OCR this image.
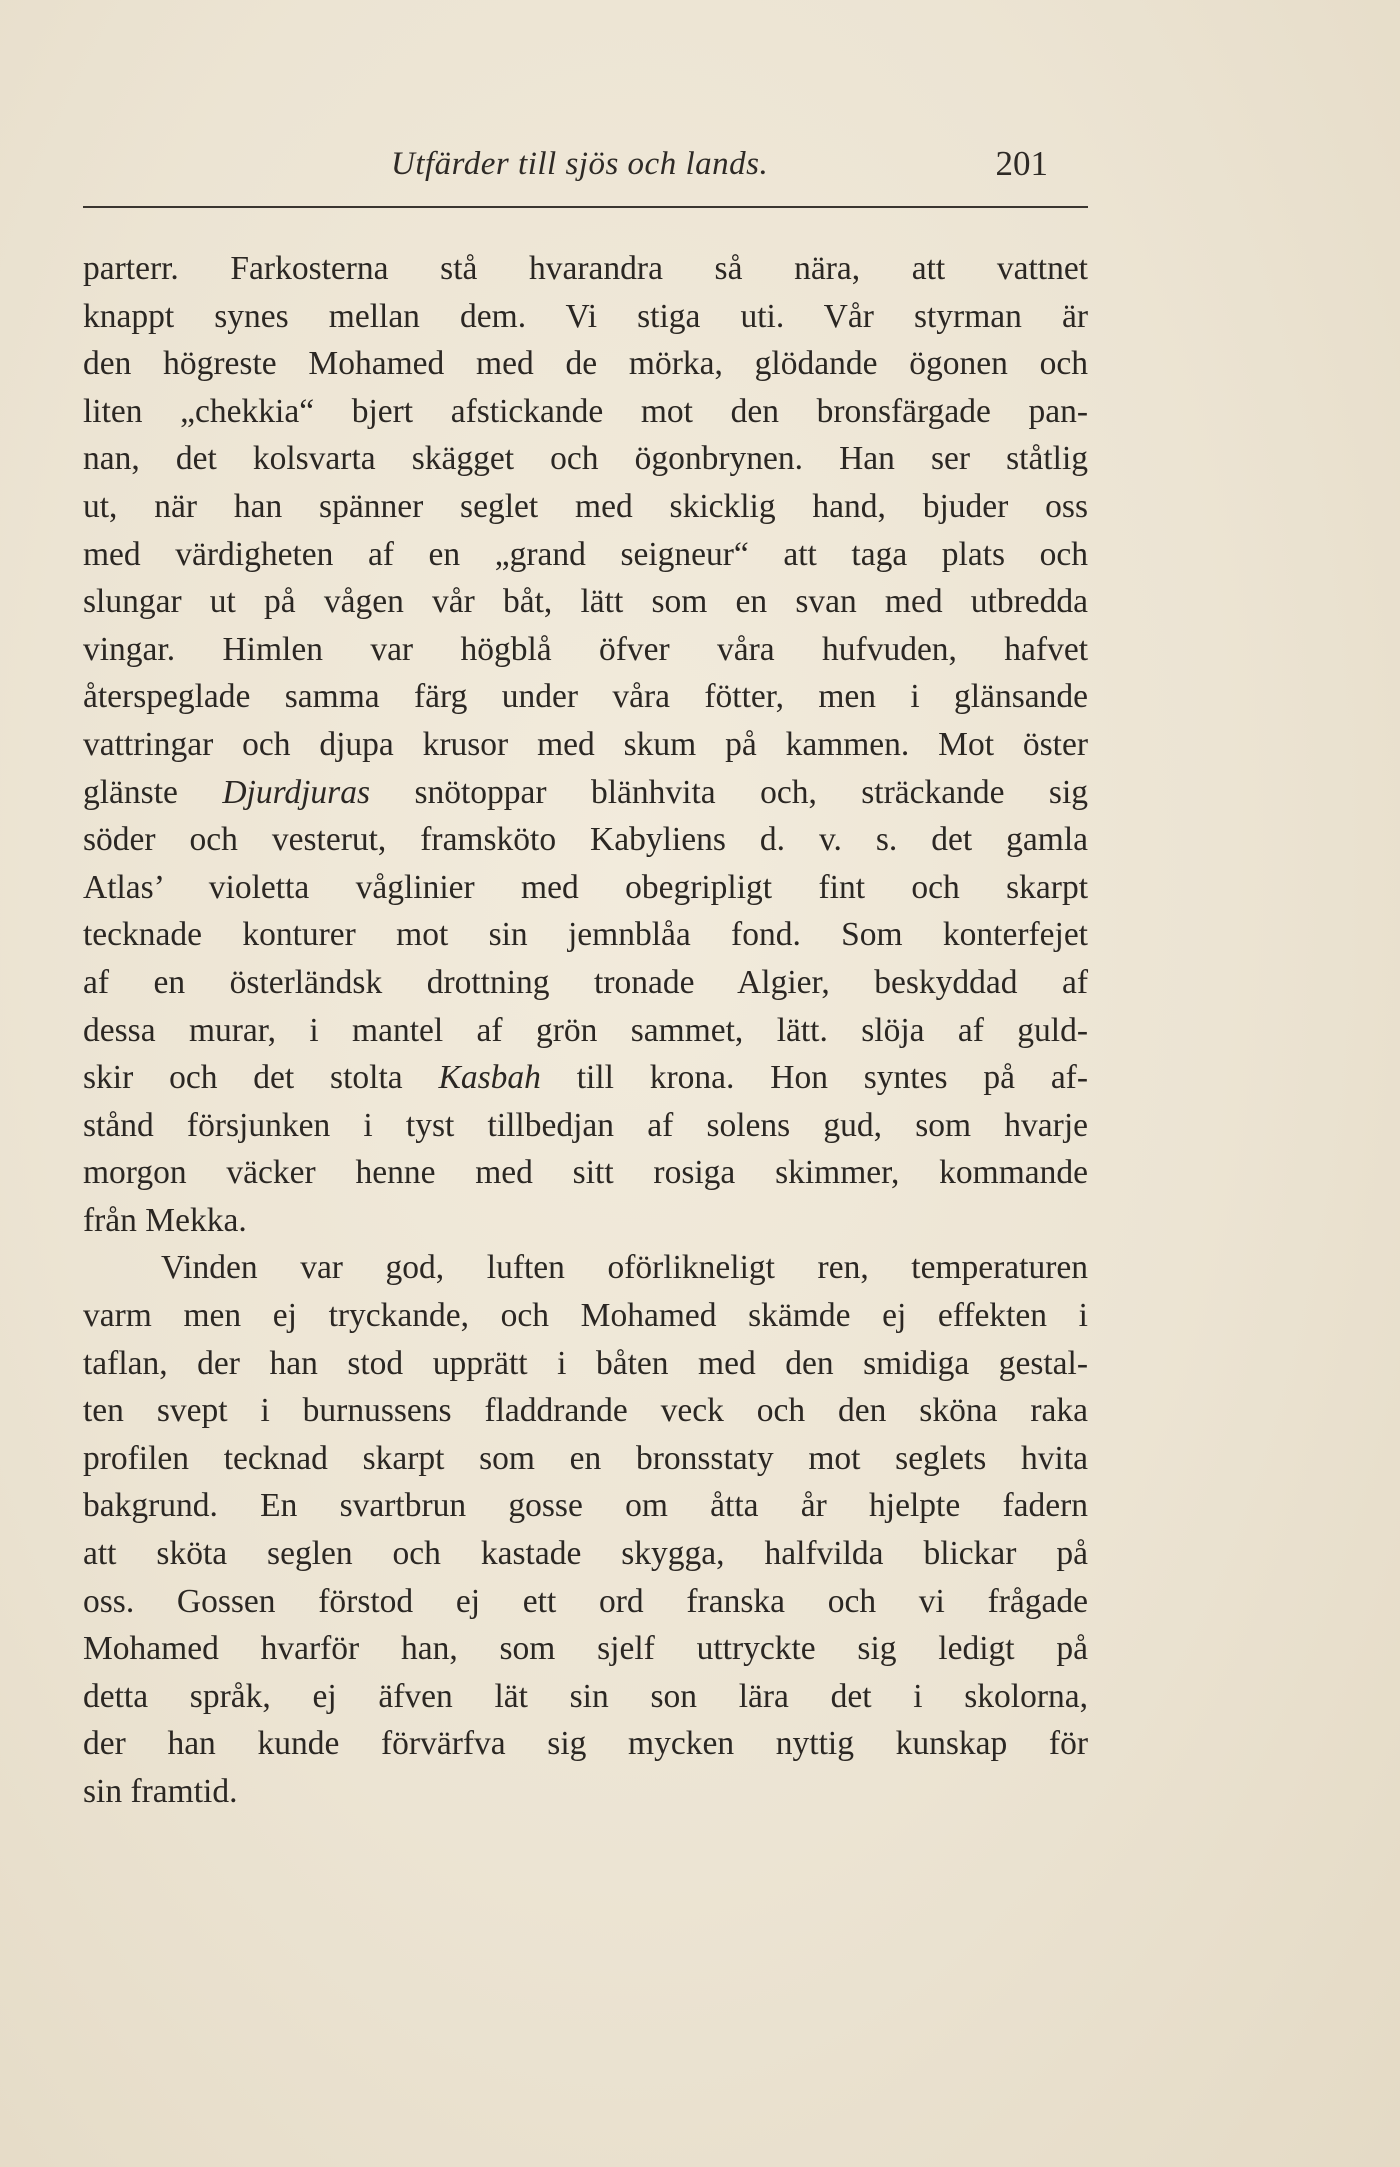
Utfärder till sjös och lands.	201
parterr. Farkosterna stå hvarandra så nära, att vattnet
knappt synes mellan dem. Vi stiga uti. Vår styrman är
den högreste Mohamed med de mörka, glödande ögonen och
liten „chekkia“ bjert afstickande mot den bronsfärgade pan-
nan, det kolsvarta skägget och ögonbrynen. Han ser ståtlig
ut, när han spänner seglet med skicklig hand, bjuder oss
med värdigheten af en „grand seigneur“ att taga plats och
slungar ut på vågen vår båt, lätt som en svan med utbredda
vingar. Himlen var högblå öfver våra hufvuden, hafvet
återspeglade samma färg under våra fötter, men i glänsande
vattringar och djupa krusor med skum på kammen. Mot öster
glänste Djurdjuras snötoppar blänhvita och, sträckande sig
söder och vesterut, framsköto Kabyliens d. v. s. det gamla
Atlas’ violetta våglinier med obegripligt fint och skarpt
tecknade konturer mot sin jemnblåa fond. Som konterfejet
af en österländsk drottning tronade Algier, beskyddad af
dessa murar, i mantel af grön sammet, lätt. slöja af guld-
skir och det stolta Kasbah till krona. Hon syntes på af-
stånd försjunken i tyst tillbedjan af solens gud, som hvarje
morgon väcker henne med sitt rosiga skimmer, kommande
från Mekka.
Vinden var god, luften oförlikneligt ren, temperaturen
varm men ej tryckande, och Mohamed skämde ej effekten i
taflan, der han stod upprätt i båten med den smidiga gestal-
ten svept i burnussens fladdrande veck och den sköna raka
profilen tecknad skarpt som en bronsstaty mot seglets hvita
bakgrund. En svartbrun gosse om åtta år hjelpte fadern
att sköta seglen och kastade skygga, halfvilda blickar på
oss. Gossen förstod ej ett ord franska och vi frågade
Mohamed hvarför han, som sjelf uttryckte sig ledigt på
detta språk, ej äfven lät sin son lära det i skolorna,
der han kunde förvärfva sig mycken nyttig kunskap för
sin framtid.
